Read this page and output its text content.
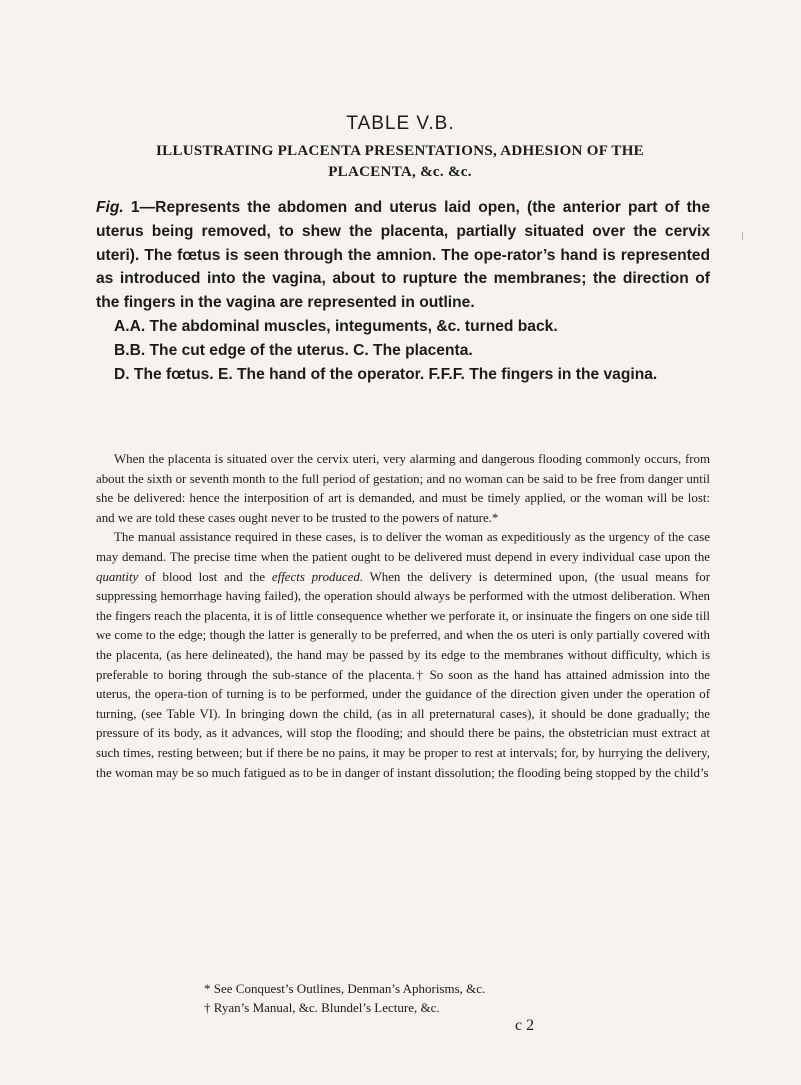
TABLE V.B.
ILLUSTRATING PLACENTA PRESENTATIONS, ADHESION OF THE PLACENTA, &c. &c.

Fig. 1—Represents the abdomen and uterus laid open, (the anterior part of the uterus being removed, to shew the placenta, partially situated over the cervix uteri). The fœtus is seen through the amnion. The ope-rator’s hand is represented as introduced into the vagina, about to rupture the membranes; the direction of the fingers in the vagina are represented in outline.

A.A. The abdominal muscles, integuments, &c. turned back.

B.B. The cut edge of the uterus. C. The placenta.

D. The fœtus. E. The hand of the operator. F.F.F. The fingers in the vagina.

When the placenta is situated over the cervix uteri, very alarming and dangerous flooding commonly occurs, from about the sixth or seventh month to the full period of gestation; and no woman can be said to be free from danger until she be delivered: hence the interposition of art is demanded, and must be timely applied, or the woman will be lost: and we are told these cases ought never to be trusted to the powers of nature.*

The manual assistance required in these cases, is to deliver the woman as expeditiously as the urgency of the case may demand. The precise time when the patient ought to be delivered must depend in every individual case upon the quantity of blood lost and the effects produced. When the delivery is determined upon, (the usual means for suppressing hemorrhage having failed), the operation should always be performed with the utmost deliberation. When the fingers reach the placenta, it is of little consequence whether we perforate it, or insinuate the fingers on one side till we come to the edge; though the latter is generally to be preferred, and when the os uteri is only partially covered with the placenta, (as here delineated), the hand may be passed by its edge to the membranes without difficulty, which is preferable to boring through the sub-stance of the placenta.† So soon as the hand has attained admission into the uterus, the opera-tion of turning is to be performed, under the guidance of the direction given under the operation of turning, (see Table VI). In bringing down the child, (as in all preternatural cases), it should be done gradually; the pressure of its body, as it advances, will stop the flooding; and should there be pains, the obstetrician must extract at such times, resting between; but if there be no pains, it may be proper to rest at intervals; for, by hurrying the delivery, the woman may be so much fatigued as to be in danger of instant dissolution; the flooding being stopped by the child’s

* See Conquest’s Outlines, Denman’s Aphorisms, &c.

† Ryan’s Manual, &c. Blundel’s Lecture, &c.

c 2
